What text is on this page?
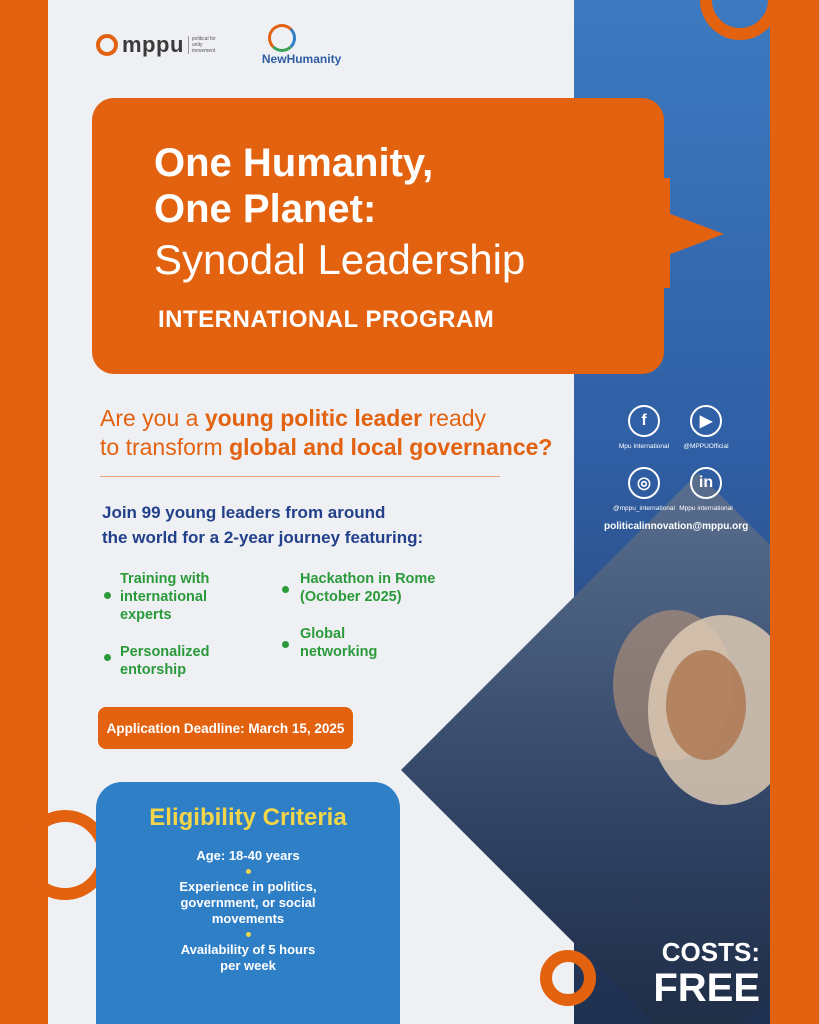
mppu	political for unity movement
NewHumanity
One Humanity,
One Planet:
Synodal Leadership
INTERNATIONAL PROGRAM
Are you a young politic leader ready
to transform global and local governance?
Join 99 young leaders from around
the world for a 2-year journey featuring:
Training with
international
experts
Personalized
entorship
Hackathon in Rome
(October 2025)
Global
networking
Application Deadline: March 15, 2025
Eligibility Criteria
Age: 18-40 years
Experience in politics,
government, or social
movements
Availability of 5 hours
per week
f
Mpu International
▶
@MPPUOfficial
◎
@mppu_international
in
Mppu international
politicalinnovation@mppu.org
COSTS:
FREE
